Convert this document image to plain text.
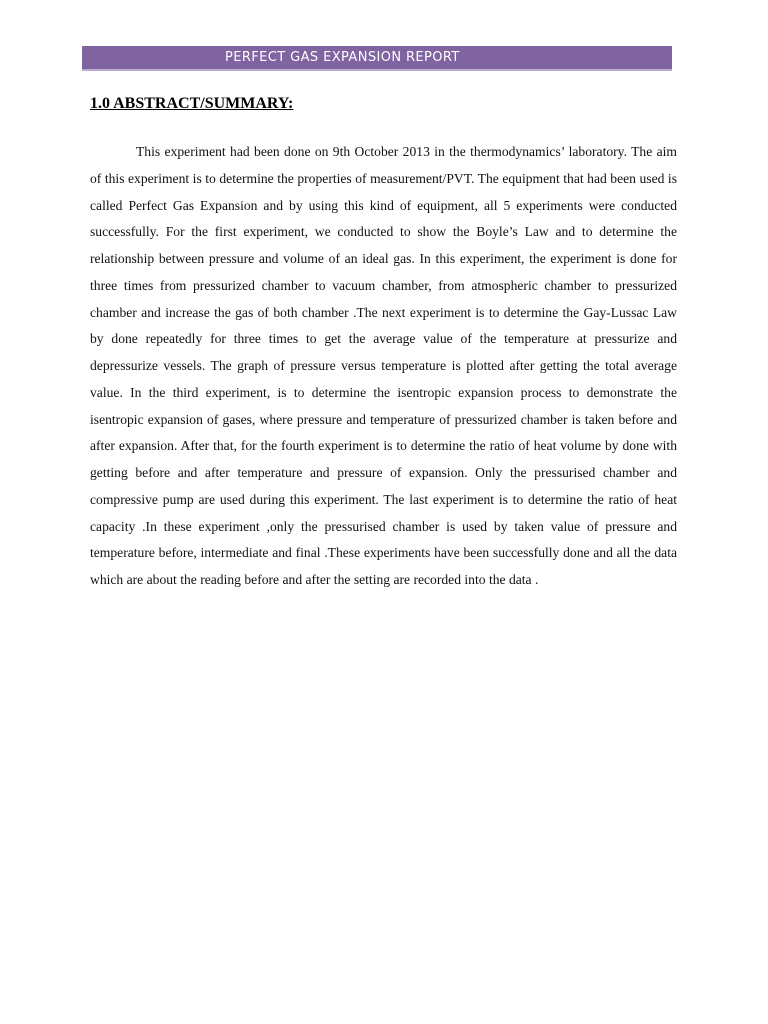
PERFECT GAS EXPANSION REPORT
1.0 ABSTRACT/SUMMARY:

This experiment had been done on 9th October 2013 in the thermodynamics’ laboratory. The aim of this experiment is to determine the properties of measurement/PVT. The equipment that had been used is called Perfect Gas Expansion and by using this kind of equipment, all 5 experiments were conducted successfully. For the first experiment, we conducted to show the Boyle’s Law and to determine the relationship between pressure and volume of an ideal gas. In this experiment, the experiment is done for three times from pressurized chamber to vacuum chamber, from atmospheric chamber to pressurized chamber and increase the gas of both chamber .The next experiment is to determine the Gay-Lussac Law by done repeatedly for three times to get the average value of the temperature at pressurize and depressurize vessels. The graph of pressure versus temperature is plotted after getting the total average value. In the third experiment, is to determine the isentropic expansion process to demonstrate the isentropic expansion of gases, where pressure and temperature of pressurized chamber is taken before and after expansion. After that, for the fourth experiment is to determine the ratio of heat volume by done with getting before and after temperature and pressure of expansion. Only the pressurised chamber and compressive pump are used during this experiment. The last experiment is to determine the ratio of heat capacity .In these experiment ,only the pressurised chamber is used by taken value of pressure and temperature before, intermediate and final .These experiments have been successfully done and all the data which are about the reading before and after the setting are recorded into the data .
